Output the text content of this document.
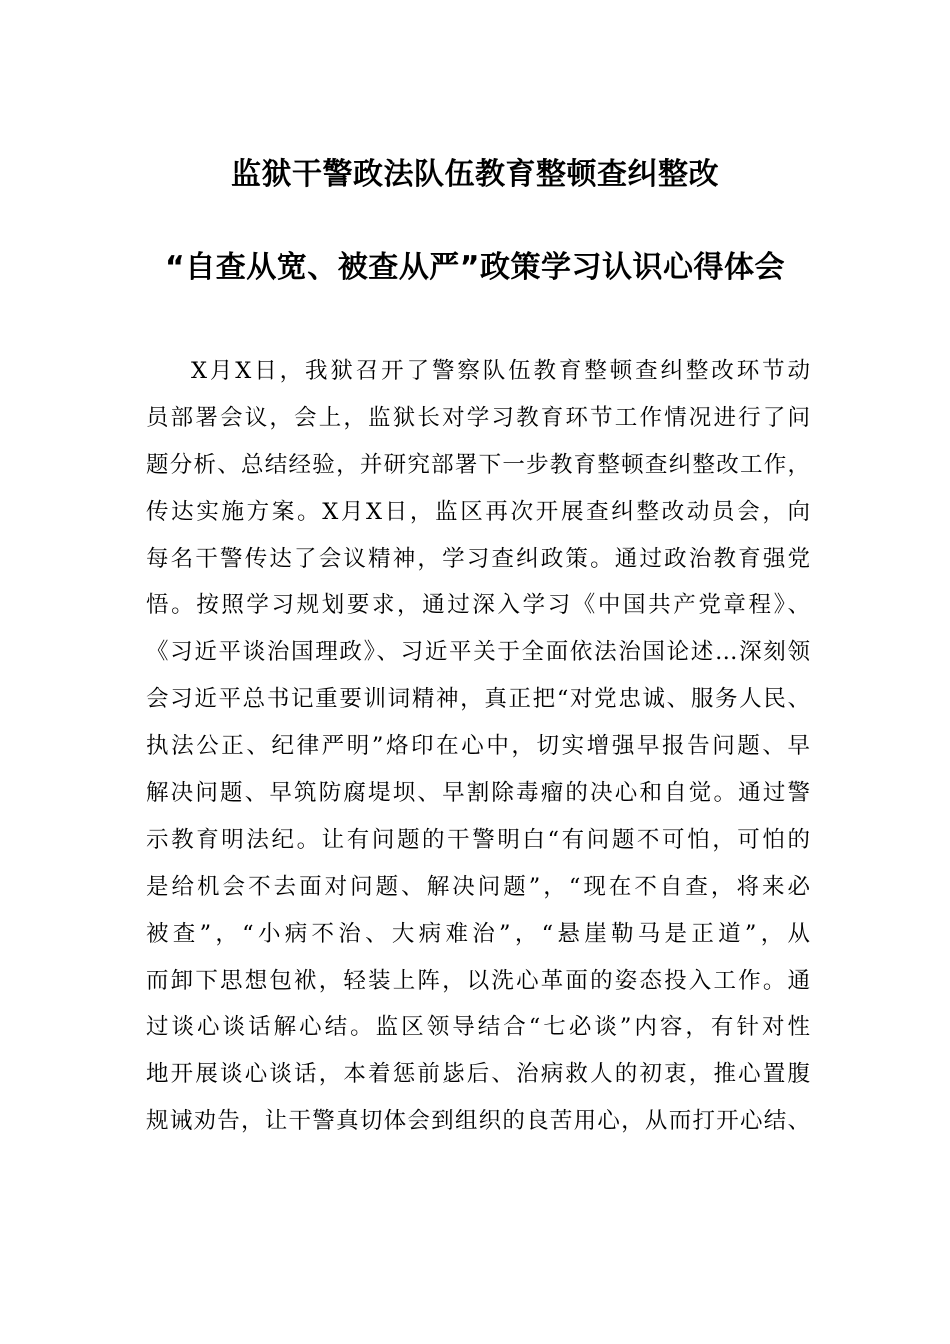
监狱干警政法队伍教育整顿查纠整改
“自查从宽、被查从严”政策学习认识心得体会
X月X日，我狱召开了警察队伍教育整顿查纠整改环节动
员部署会议，会上，监狱长对学习教育环节工作情况进行了问
题分析、总结经验，并研究部署下一步教育整顿查纠整改工作，
传达实施方案。X月X日，监区再次开展查纠整改动员会，向
每名干警传达了会议精神，学习查纠政策。通过政治教育强党
悟。按照学习规划要求，通过深入学习《中国共产党章程》、
《习近平谈治国理政》、习近平关于全面依法治国论述…深刻领
会习近平总书记重要训词精神，真正把“对党忠诚、服务人民、
执法公正、纪律严明”烙印在心中，切实增强早报告问题、早
解决问题、早筑防腐堤坝、早割除毒瘤的决心和自觉。通过警
示教育明法纪。让有问题的干警明白“有问题不可怕，可怕的
是给机会不去面对问题、解决问题”，“现在不自查，将来必
被查”，“小病不治、大病难治”，“悬崖勒马是正道”，从
而卸下思想包袱，轻装上阵，以洗心革面的姿态投入工作。通
过谈心谈话解心结。监区领导结合“七必谈”内容，有针对性
地开展谈心谈话，本着惩前毖后、治病救人的初衷，推心置腹
规诫劝告，让干警真切体会到组织的良苦用心，从而打开心结、
